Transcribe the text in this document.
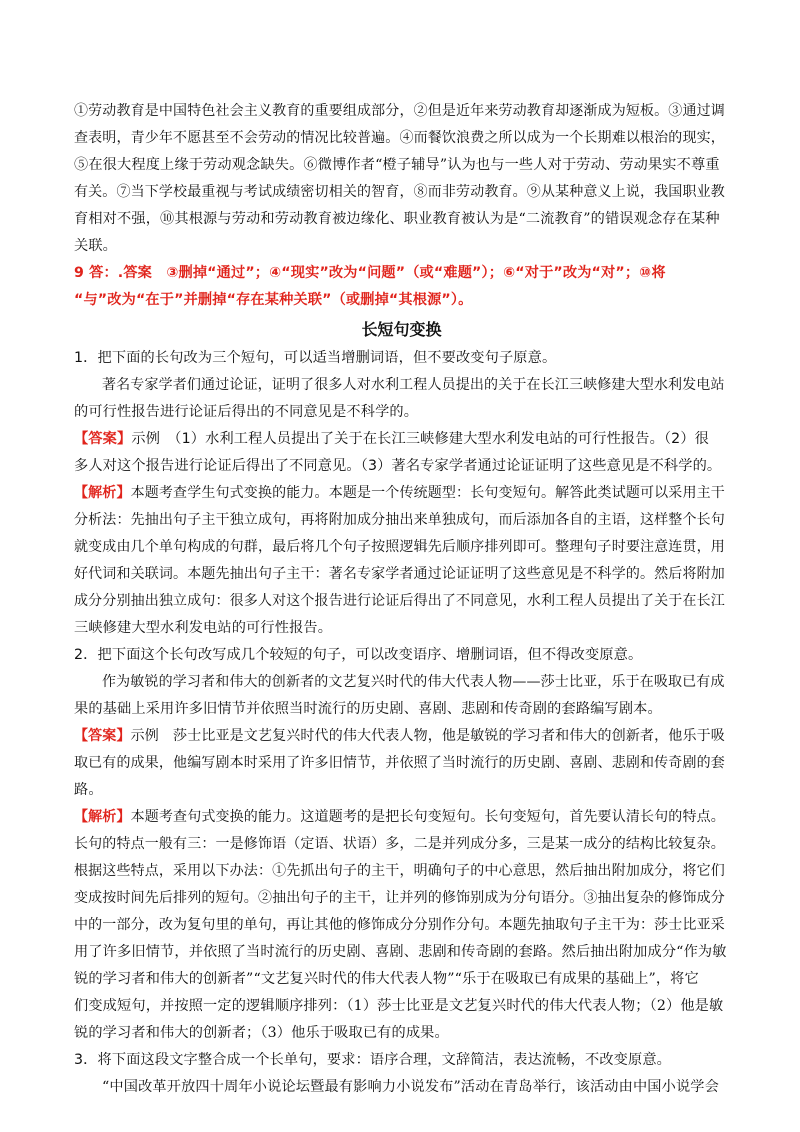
①劳动教育是中国特色社会主义教育的重要组成部分，②但是近年来劳动教育却逐渐成为短板。③通过调
查表明，青少年不愿甚至不会劳动的情况比较普遍。④而餐饮浪费之所以成为一个长期难以根治的现实，
⑤在很大程度上缘于劳动观念缺失。⑥微博作者“橙子辅导”认为也与一些人对于劳动、劳动果实不尊重
有关。⑦当下学校最重视与考试成绩密切相关的智育，⑧而非劳动教育。⑨从某种意义上说，我国职业教
育相对不强，⑩其根源与劳动和劳动教育被边缘化、职业教育被认为是“二流教育”的错误观念存在某种
关联。
9 答：.答案　③删掉“通过”；④“现实”改为“问题”（或“难题”）；⑥“对于”改为“对”；⑩将
“与”改为“在于”并删掉“存在某种关联”（或删掉“其根源”）。
长短句变换
1．把下面的长句改为三个短句，可以适当增删词语，但不要改变句子原意。
著名专家学者们通过论证，证明了很多人对水利工程人员提出的关于在长江三峡修建大型水利发电站
的可行性报告进行论证后得出的不同意见是不科学的。
【答案】示例　（1）水利工程人员提出了关于在长江三峡修建大型水利发电站的可行性报告。（2）很
多人对这个报告进行论证后得出了不同意见。（3）著名专家学者通过论证证明了这些意见是不科学的。
【解析】本题考查学生句式变换的能力。本题是一个传统题型：长句变短句。解答此类试题可以采用主干
分析法：先抽出句子主干独立成句，再将附加成分抽出来单独成句，而后添加各自的主语，这样整个长句
就变成由几个单句构成的句群，最后将几个句子按照逻辑先后顺序排列即可。整理句子时要注意连贯，用
好代词和关联词。本题先抽出句子主干：著名专家学者通过论证证明了这些意见是不科学的。然后将附加
成分分别抽出独立成句：很多人对这个报告进行论证后得出了不同意见，水利工程人员提出了关于在长江
三峡修建大型水利发电站的可行性报告。
2．把下面这个长句改写成几个较短的句子，可以改变语序、增删词语，但不得改变原意。
作为敏锐的学习者和伟大的创新者的文艺复兴时代的伟大代表人物——莎士比亚，乐于在吸取已有成
果的基础上采用许多旧情节并依照当时流行的历史剧、喜剧、悲剧和传奇剧的套路编写剧本。
【答案】示例　莎士比亚是文艺复兴时代的伟大代表人物，他是敏锐的学习者和伟大的创新者，他乐于吸
取已有的成果，他编写剧本时采用了许多旧情节，并依照了当时流行的历史剧、喜剧、悲剧和传奇剧的套
路。
【解析】本题考查句式变换的能力。这道题考的是把长句变短句。长句变短句，首先要认清长句的特点。
长句的特点一般有三：一是修饰语（定语、状语）多，二是并列成分多，三是某一成分的结构比较复杂。
根据这些特点，采用以下办法：①先抓出句子的主干，明确句子的中心意思，然后抽出附加成分，将它们
变成按时间先后排列的短句。②抽出句子的主干，让并列的修饰别成为分句语分。③抽出复杂的修饰成分
中的一部分，改为复句里的单句，再让其他的修饰成分分别作分句。本题先抽取句子主干为：莎士比亚采
用了许多旧情节，并依照了当时流行的历史剧、喜剧、悲剧和传奇剧的套路。然后抽出附加成分“作为敏
锐的学习者和伟大的创新者”“文艺复兴时代的伟大代表人物”“乐于在吸取已有成果的基础上”，将它
们变成短句，并按照一定的逻辑顺序排列：（1）莎士比亚是文艺复兴时代的伟大代表人物；（2）他是敏
锐的学习者和伟大的创新者；（3）他乐于吸取已有的成果。
3．将下面这段文字整合成一个长单句，要求：语序合理，文辞简洁，表达流畅，不改变原意。
“中国改革开放四十周年小说论坛暨最有影响力小说发布”活动在青岛举行，该活动由中国小说学会
